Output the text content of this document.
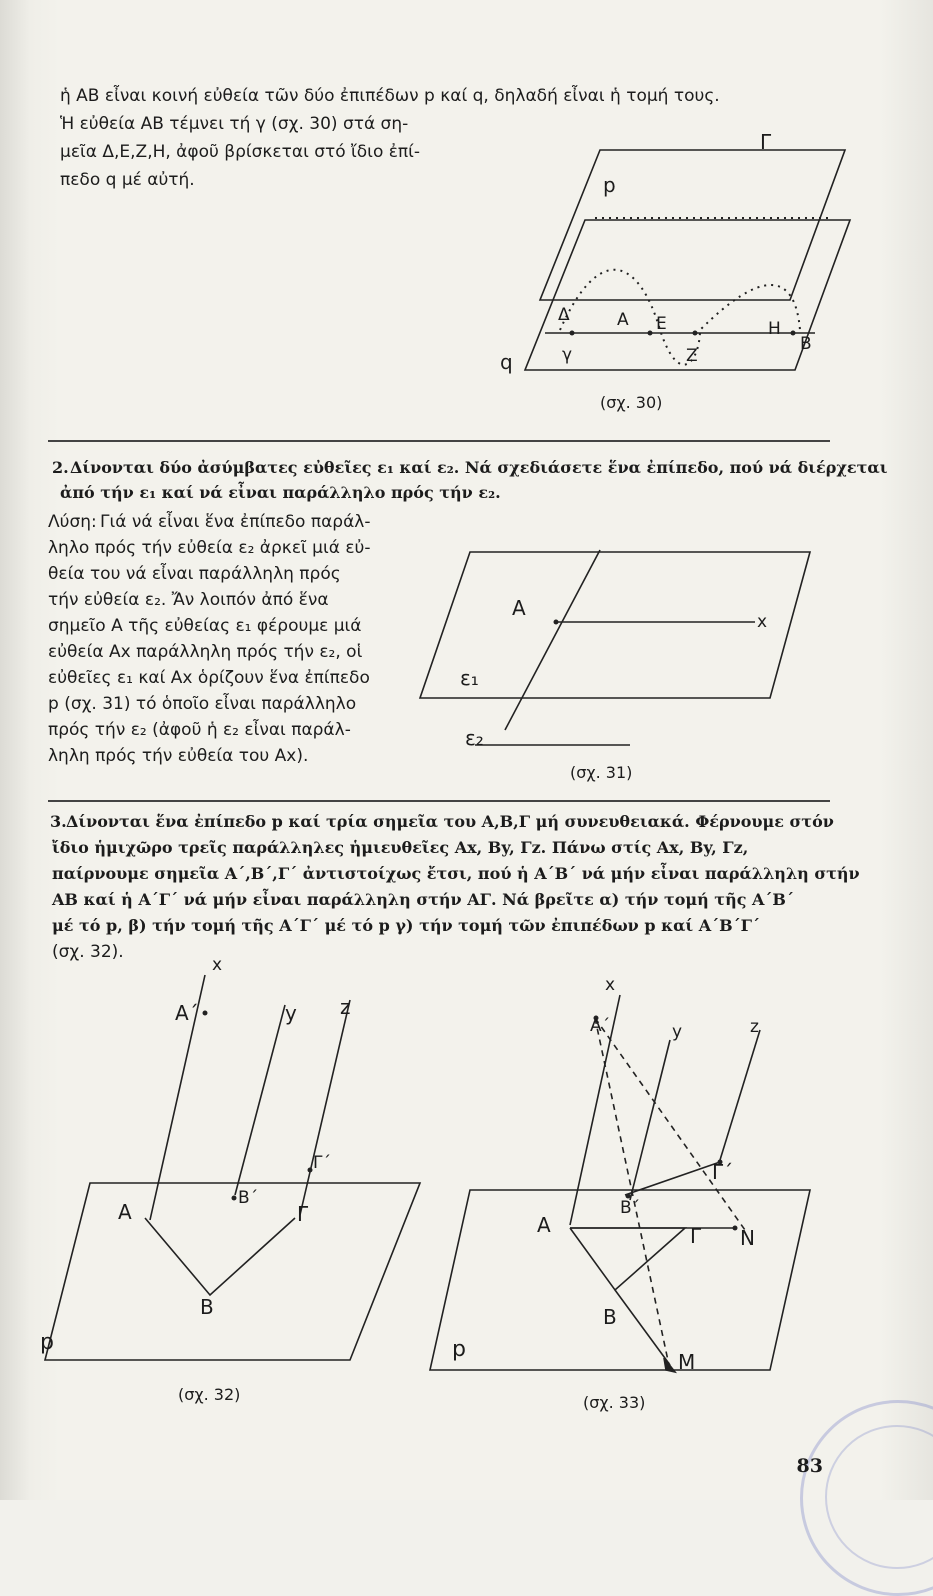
ἡ ΑΒ εἶναι κοινή εὐθεία τῶν δύο ἐπιπέδων p καί q, δηλαδή εἶναι ἡ τομή τους.
Ἡ εὐθεία ΑΒ τέμνει τή γ (σχ. 30) στά ση-
μεῖα Δ,Ε,Ζ,Η, ἀφοῦ βρίσκεται στό ἴδιο ἐπί-
πεδο q μέ αὐτή.	p
Γ
Δ	Α Ε
γ	Ζ
Η
Β
q
(σχ. 30)
2. Δίνονται δύο ἀσύμβατες εὐθεῖες ε₁ καί ε₂. Νά σχεδιάσετε ἕνα ἐπίπεδο, πού νά διέρχεται
ἀπό τήν ε₁ καί νά εἶναι παράλληλο πρός τήν ε₂.
Λύση: Γιά νά εἶναι ἕνα ἐπίπεδο παράλ-
ληλο πρός τήν εὐθεία ε₂ ἀρκεῖ μιά εὐ-
θεία του νά εἶναι παράλληλη πρός
τήν εὐθεία ε₂. Ἄν λοιπόν ἀπό ἕνα
σημεῖο Α τῆς εὐθείας ε₁ φέρουμε μιά
εὐθεία Αx παράλληλη πρός τήν ε₂, οἱ
εὐθεῖες ε₁ καί Αx ὁρίζουν ἕνα ἐπίπεδο
p (σχ. 31) τό ὁποῖο εἶναι παράλληλο
πρός τήν ε₂ (ἀφοῦ ἡ ε₂ εἶναι παράλ-
ληλη πρός τήν εὐθεία του Αx).
Α
x
ε₁
ε₂
(σχ. 31)
3. Δίνονται ἕνα ἐπίπεδο p καί τρία σημεῖα του Α,Β,Γ μή συνευθειακά. Φέρνουμε στόν
ἴδιο ἡμιχῶρο τρεῖς παράλληλες ἡμιευθεῖες Αx, By, Γz. Πάνω στίς Αx, By, Γz,
παίρνουμε σημεῖα Α΄,Β΄,Γ΄ ἀντιστοίχως ἔτσι, πού ἡ Α΄Β΄ νά μήν εἶναι παράλληλη στήν
ΑΒ καί ἡ Α΄Γ΄ νά μήν εἶναι παράλληλη στήν ΑΓ. Νά βρεῖτε α) τήν τομή τῆς Α΄Β΄
μέ τό p, β) τήν τομή τῆς Α΄Γ΄ μέ τό p γ) τήν τομή τῶν ἐπιπέδων p καί Α΄Β΄Γ΄
(σχ. 32).
x
Α΄	y z
Γ΄
Β΄
Α	Γ
Β
p
(σχ. 32)
x
Α΄	y	z
Γ΄
Β΄
Α	Γ Ν
Β
Μ
p
(σχ. 33)
83
